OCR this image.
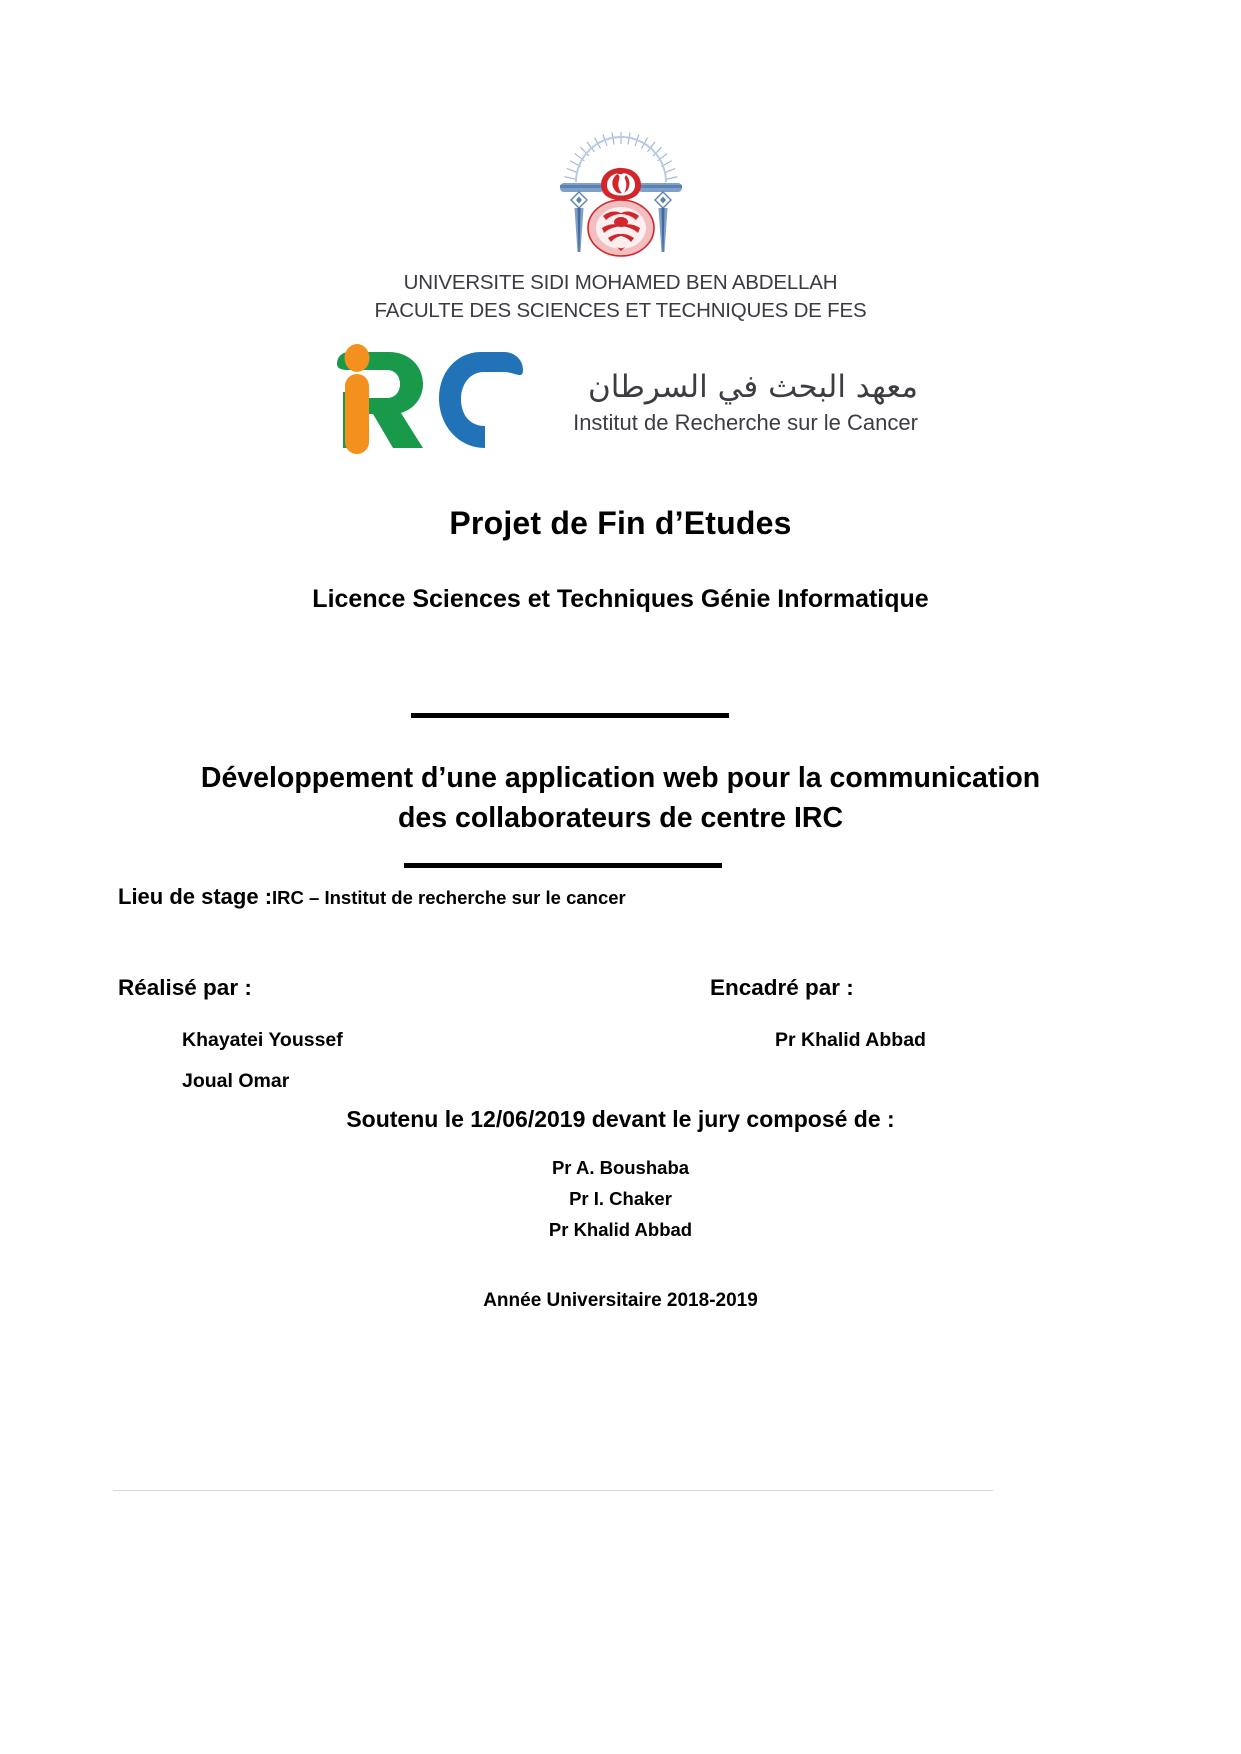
UNIVERSITE SIDI MOHAMED BEN ABDELLAH
FACULTE DES SCIENCES ET TECHNIQUES DE FES
معهد البحث في السرطان
Institut de Recherche sur le Cancer
Projet de Fin d’Etudes
Licence Sciences et Techniques Génie Informatique
Développement d’une application web pour la communication
des collaborateurs de centre IRC
Lieu de stage :IRC – Institut de recherche sur le cancer
Réalisé par :	Encadré par :
Khayatei Youssef
Joual Omar
Pr Khalid Abbad
Soutenu le 12/06/2019 devant le jury composé de :
Pr A. Boushaba
Pr I. Chaker
Pr Khalid Abbad
Année Universitaire 2018-2019
